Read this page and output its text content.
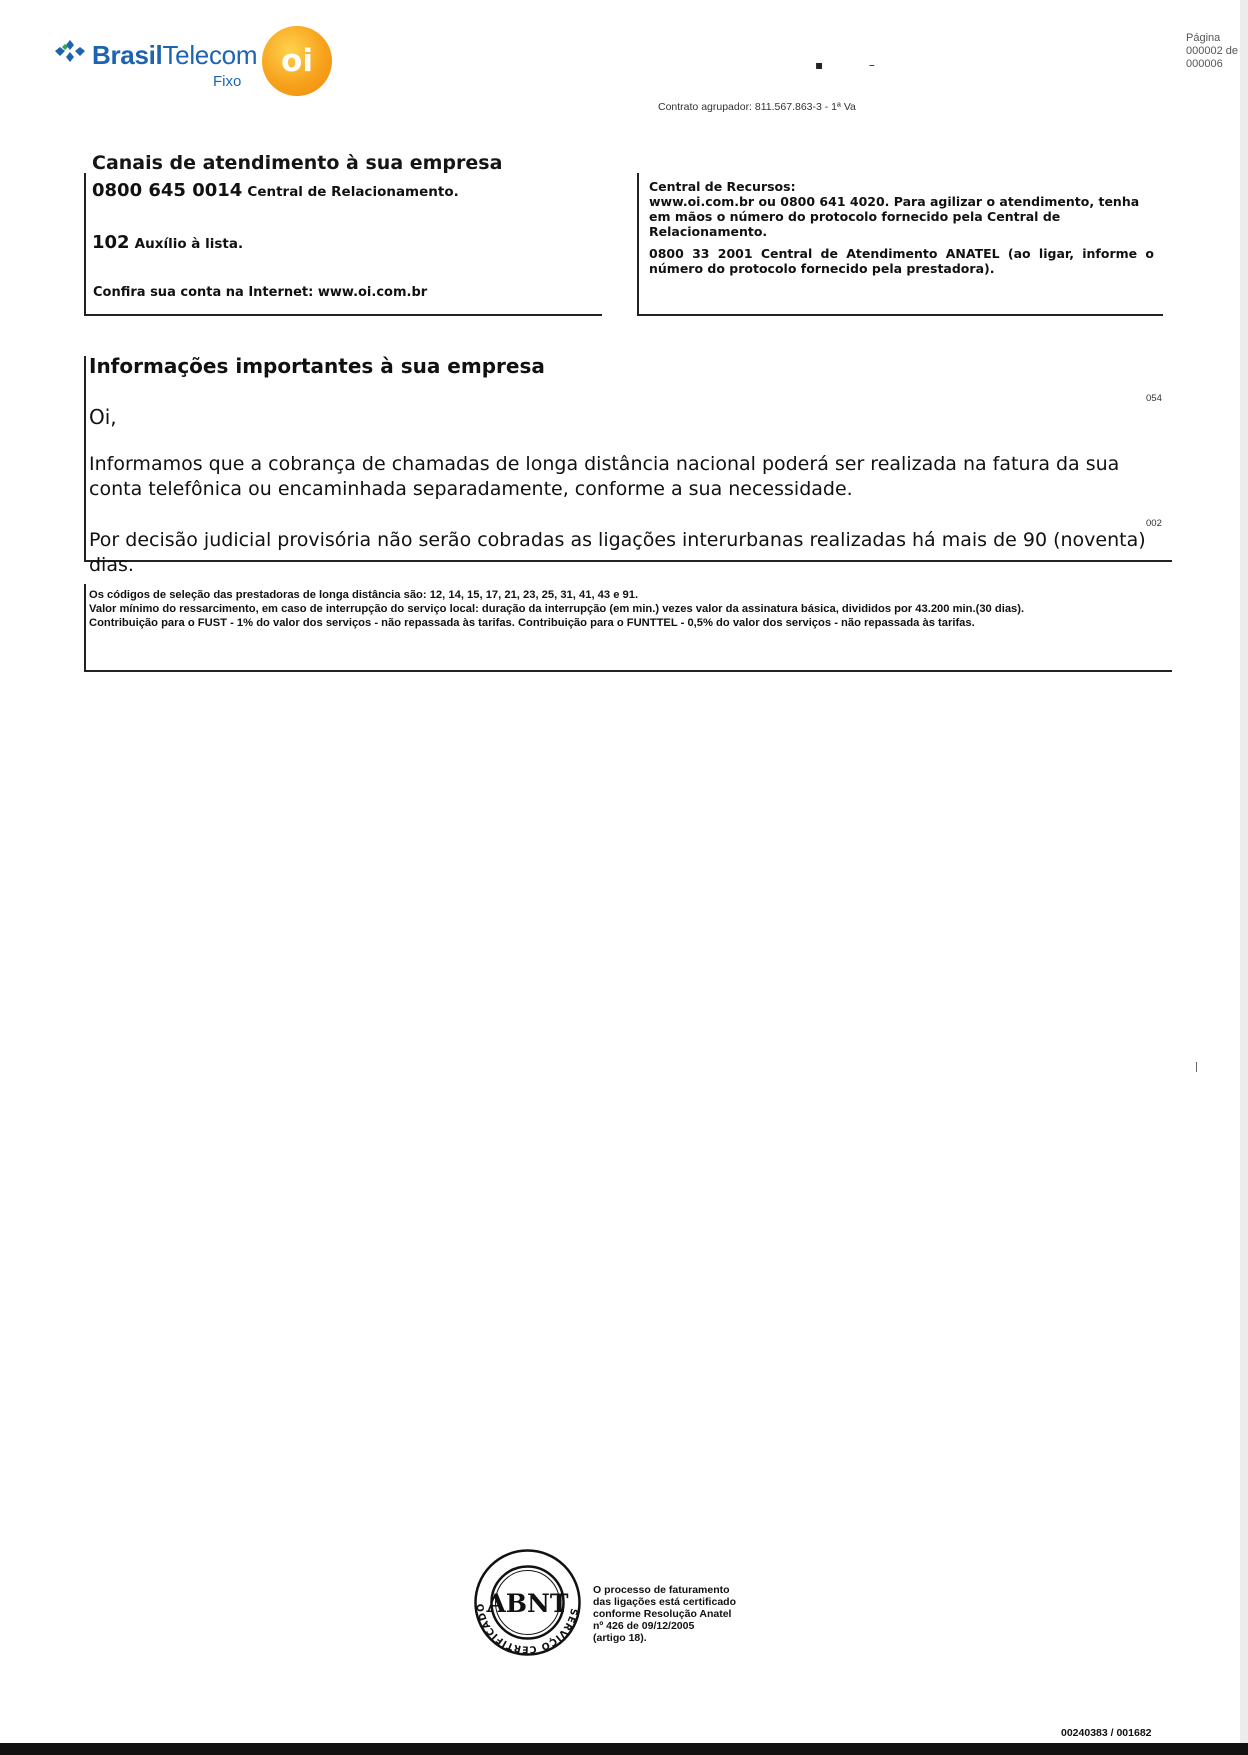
BrasilTelecom
Fixo
oi	▪            –
Página
000002 de
000006
Contrato agrupador: 811.567.863-3 - 1ª Va
Canais de atendimento à sua empresa
0800 645 0014 Central de Relacionamento.
102 Auxílio à lista.
Confira sua conta na Internet: www.oi.com.br

Central de Recursos:
www.oi.com.br ou 0800 641 4020. Para agilizar o atendimento, tenha em mãos o número do protocolo fornecido pela Central de Relacionamento.

0800 33 2001 Central de Atendimento ANATEL (ao ligar, informe o número do protocolo fornecido pela prestadora).

Informações importantes à sua empresa
054
Oi,
Informamos que a cobrança de chamadas de longa distância nacional poderá ser realizada na fatura da sua conta telefônica ou encaminhada separadamente, conforme a sua necessidade.
002
Por decisão judicial provisória não serão cobradas as ligações interurbanas realizadas há mais de 90 (noventa) dias.

Os códigos de seleção das prestadoras de longa distância são: 12, 14, 15, 17, 21, 23, 25, 31, 41, 43 e 91.

Valor mínimo do ressarcimento, em caso de interrupção do serviço local: duração da interrupção (em min.) vezes valor da assinatura básica, divididos por 43.200 min.(30 dias).

Contribuição para o FUST - 1% do valor dos serviços - não repassada às tarifas. Contribuição para o FUNTTEL - 0,5% do valor dos serviços - não repassada às tarifas.

SERVIÇO CERTIFICADO ABNT O processo de faturamento
das ligações está certificado
conforme Resolução Anatel
nº 426 de 09/12/2005
(artigo 18).
00240383 / 001682
